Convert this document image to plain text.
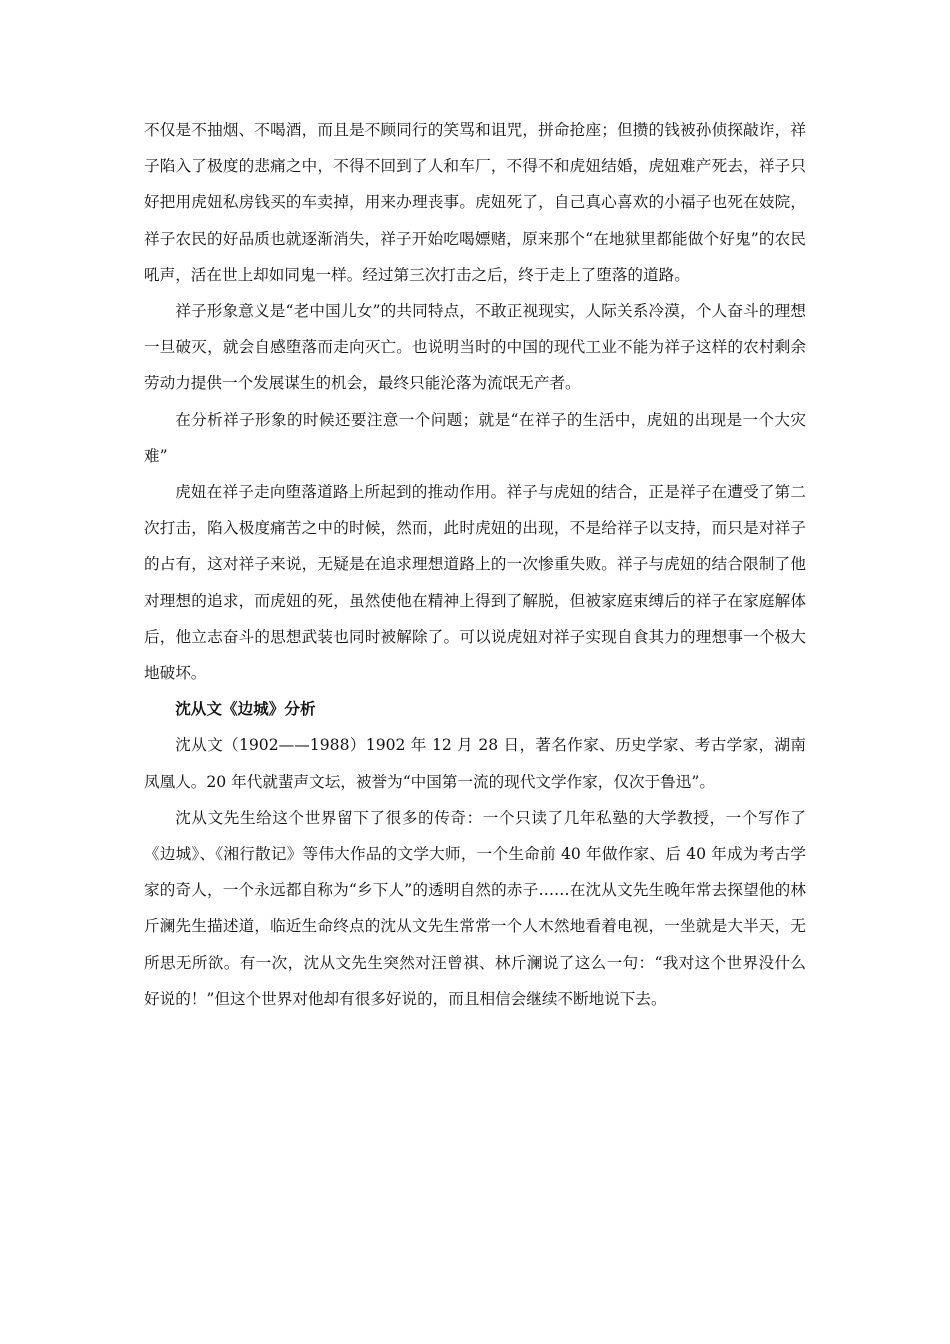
不仅是不抽烟、不喝酒，而且是不顾同行的笑骂和诅咒，拼命抢座；但攒的钱被孙侦探敲诈，祥子陷入了极度的悲痛之中，不得不回到了人和车厂，不得不和虎妞结婚，虎妞难产死去，祥子只好把用虎妞私房钱买的车卖掉，用来办理丧事。虎妞死了，自己真心喜欢的小福子也死在妓院，祥子农民的好品质也就逐渐消失，祥子开始吃喝嫖赌，原来那个“在地狱里都能做个好鬼”的农民吼声，活在世上却如同鬼一样。经过第三次打击之后，终于走上了堕落的道路。

祥子形象意义是“老中国儿女”的共同特点，不敢正视现实，人际关系冷漠，个人奋斗的理想一旦破灭，就会自感堕落而走向灭亡。也说明当时的中国的现代工业不能为祥子这样的农村剩余劳动力提供一个发展谋生的机会，最终只能沦落为流氓无产者。

在分析祥子形象的时候还要注意一个问题；就是“在祥子的生活中，虎妞的出现是一个大灾难”

虎妞在祥子走向堕落道路上所起到的推动作用。祥子与虎妞的结合，正是祥子在遭受了第二次打击，陷入极度痛苦之中的时候，然而，此时虎妞的出现，不是给祥子以支持，而只是对祥子的占有，这对祥子来说，无疑是在追求理想道路上的一次惨重失败。祥子与虎妞的结合限制了他对理想的追求，而虎妞的死，虽然使他在精神上得到了解脱，但被家庭束缚后的祥子在家庭解体后，他立志奋斗的思想武装也同时被解除了。可以说虎妞对祥子实现自食其力的理想事一个极大地破坏。

沈从文《边城》分析

沈从文（1902——1988）1902 年 12 月 28 日，著名作家、历史学家、考古学家，湖南凤凰人。20 年代就蜚声文坛，被誉为“中国第一流的现代文学作家，仅次于鲁迅”。

沈从文先生给这个世界留下了很多的传奇：一个只读了几年私塾的大学教授，一个写作了《边城》、《湘行散记》等伟大作品的文学大师，一个生命前 40 年做作家、后 40 年成为考古学家的奇人，一个永远都自称为“乡下人”的透明自然的赤子……在沈从文先生晚年常去探望他的林斤澜先生描述道，临近生命终点的沈从文先生常常一个人木然地看着电视，一坐就是大半天，无所思无所欲。有一次，沈从文先生突然对汪曾祺、林斤澜说了这么一句：“我对这个世界没什么好说的！”但这个世界对他却有很多好说的，而且相信会继续不断地说下去。
